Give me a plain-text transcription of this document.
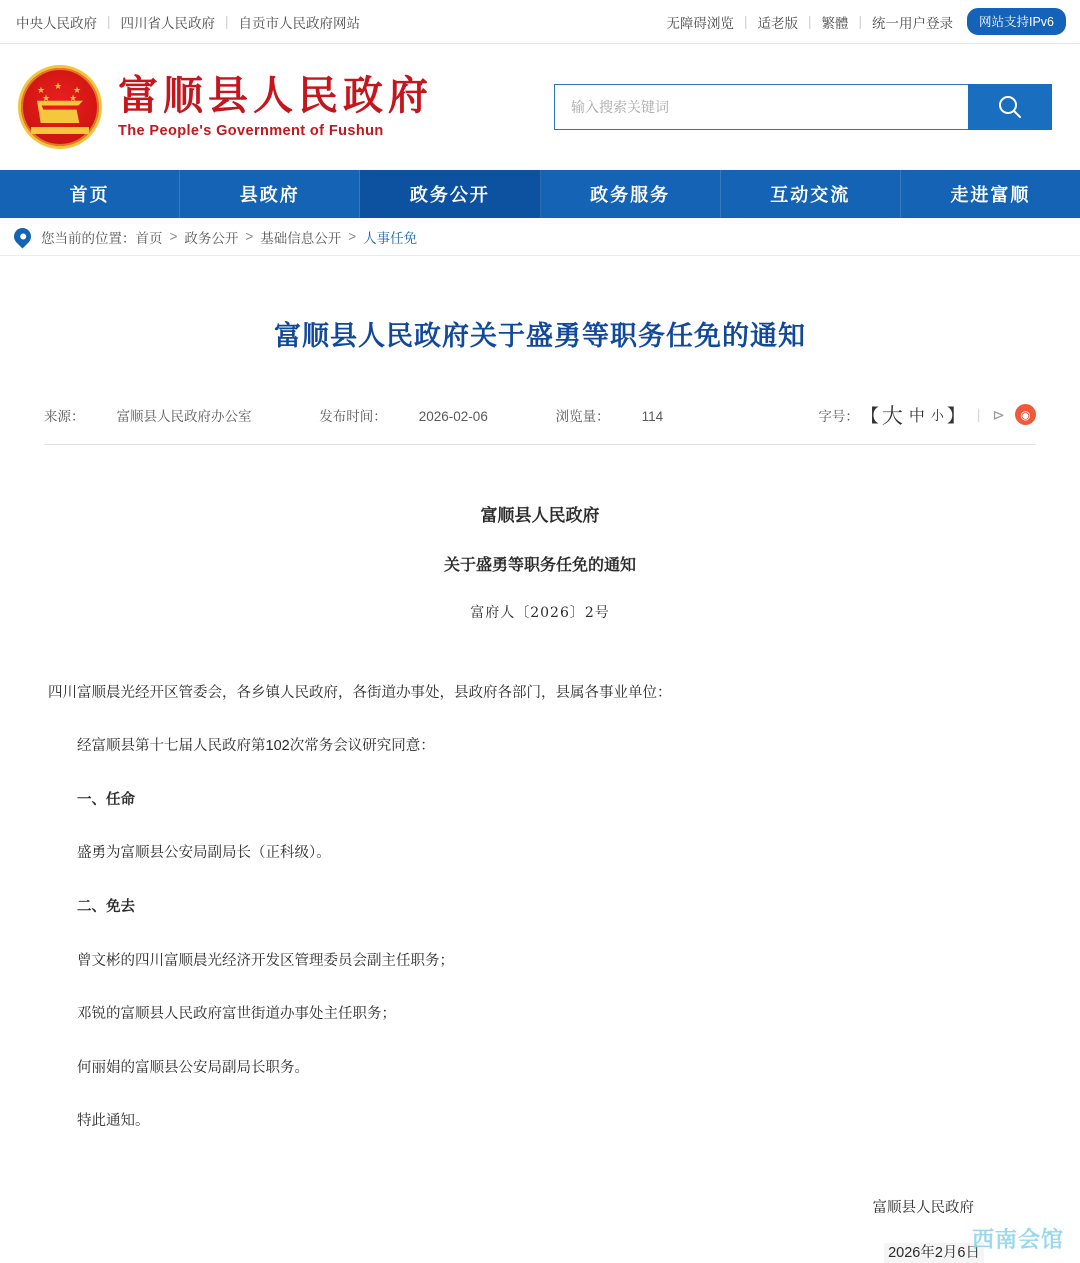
中央人民政府 | 四川省人民政府 | 自贡市人民政府网站	无障碍浏览 | 适老版 | 繁體 | 统一用户登录	网站支持IPv6
★
★	★
★ ★ 富顺县人民政府
The People's Government of Fushun
输入搜索关键词
首页	县政府	政务公开	政务服务	互动交流	走进富顺
您当前的位置： 首页 > 政务公开 > 基础信息公开 > 人事任免
富顺县人民政府关于盛勇等职务任免的通知
来源： 富顺县人民政府办公室	发布时间： 2026-02-06	浏览量： 114	字号： 【 大 中 小 】 | ⊳	◉
富顺县人民政府
关于盛勇等职务任免的通知
富府人〔2026〕2号

四川富顺晨光经开区管委会，各乡镇人民政府，各街道办事处，县政府各部门，县属各事业单位：

经富顺县第十七届人民政府第102次常务会议研究同意：

一、任命

盛勇为富顺县公安局副局长（正科级）。

二、免去

曾文彬的四川富顺晨光经济开发区管理委员会副主任职务；

邓锐的富顺县人民政府富世街道办事处主任职务；

何丽娟的富顺县公安局副局长职务。

特此通知。

富顺县人民政府
2026年2月6日
西南会馆
